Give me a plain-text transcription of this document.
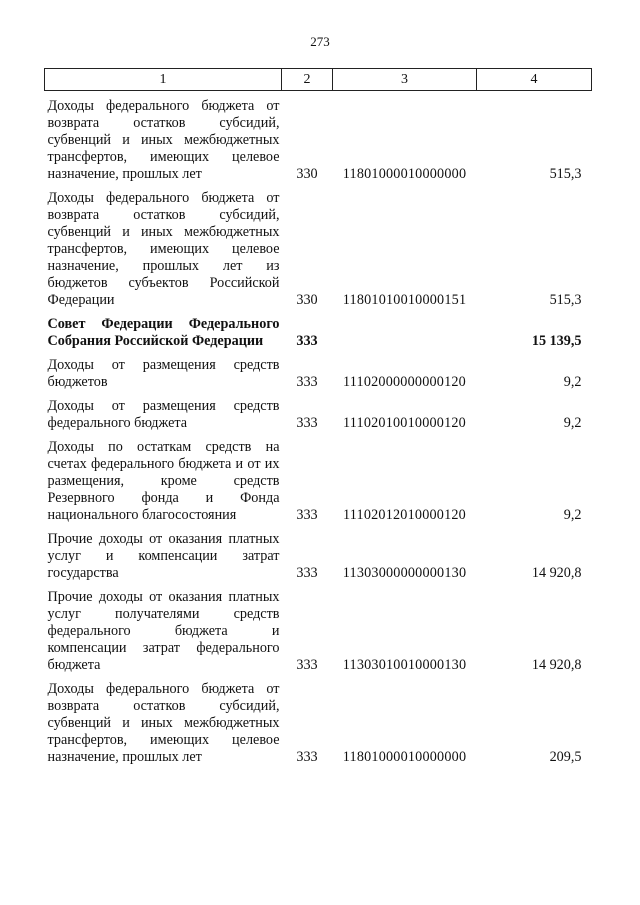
273
1	2	3	4
Доходы федерального бюджета от возврата остатков субсидий, субвенций и иных межбюджетных трансфертов, имеющих целевое назначение, прошлых лет	330	11801000010000000	515,3
Доходы федерального бюджета от возврата остатков субсидий, субвенций и иных межбюджетных трансфертов, имеющих целевое назначение, прошлых лет из бюджетов субъектов Российской Федерации	330	11801010010000151	515,3
Совет Федерации Федерального Собрания Российской Федерации	333		15 139,5
Доходы от размещения средств бюджетов	333	11102000000000120	9,2
Доходы от размещения средств федерального бюджета	333	11102010010000120	9,2
Доходы по остаткам средств на счетах федерального бюджета и от их размещения, кроме средств Резервного фонда и Фонда национального благосостояния	333	11102012010000120	9,2
Прочие доходы от оказания платных услуг и компенсации затрат государства	333	11303000000000130	14 920,8
Прочие доходы от оказания платных услуг получателями средств федерального бюджета и компенсации затрат федерального бюджета	333	11303010010000130	14 920,8
Доходы федерального бюджета от возврата остатков субсидий, субвенций и иных межбюджетных трансфертов, имеющих целевое назначение, прошлых лет	333	11801000010000000	209,5
